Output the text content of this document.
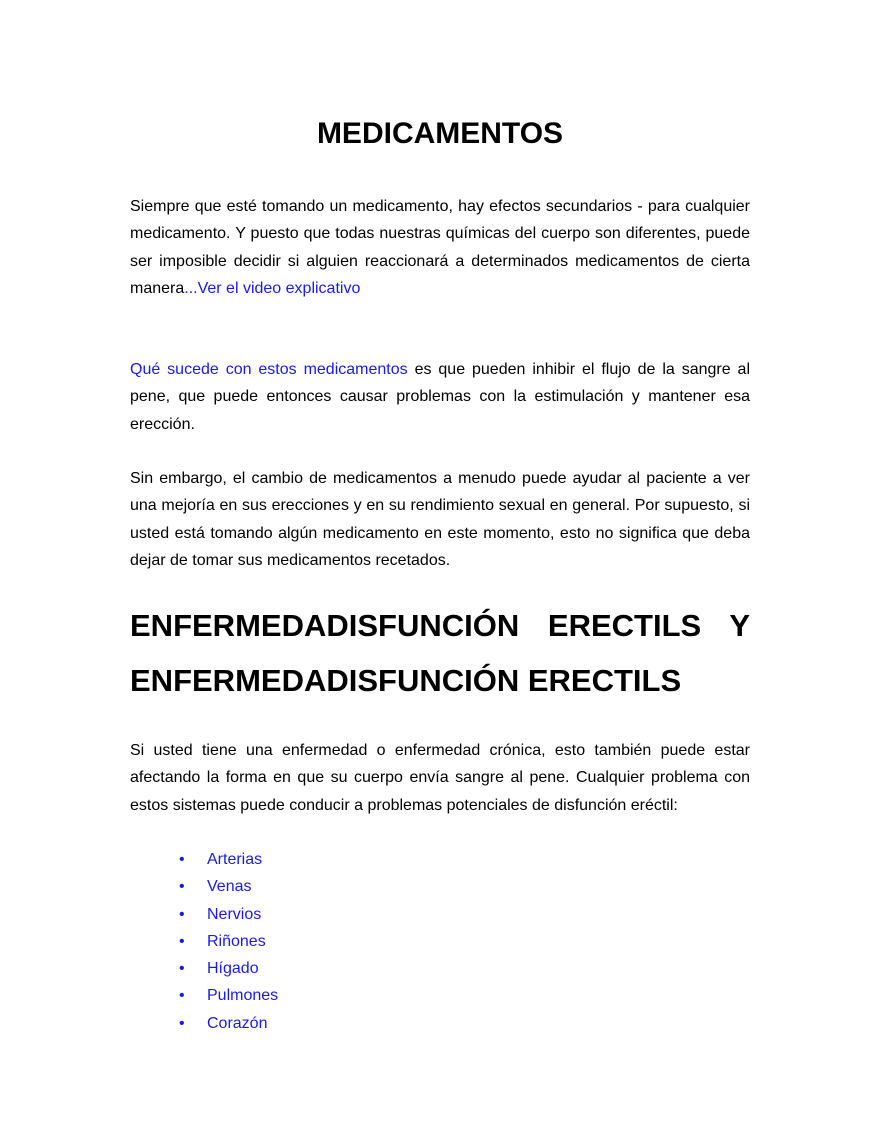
MEDICAMENTOS

Siempre que esté tomando un medicamento, hay efectos secundarios - para cualquier medicamento. Y puesto que todas nuestras químicas del cuerpo son diferentes, puede ser imposible decidir si alguien reaccionará a determinados medicamentos de cierta manera...Ver el video explicativo

Qué sucede con estos medicamentos es que pueden inhibir el flujo de la sangre al pene, que puede entonces causar problemas con la estimulación y mantener esa erección.

Sin embargo, el cambio de medicamentos a menudo puede ayudar al paciente a ver una mejoría en sus erecciones y en su rendimiento sexual en general. Por supuesto, si usted está tomando algún medicamento en este momento, esto no significa que deba dejar de tomar sus medicamentos recetados.

ENFERMEDADISFUNCIÓN ERECTILS Y
ENFERMEDADISFUNCIÓN ERECTILS

Si usted tiene una enfermedad o enfermedad crónica, esto también puede estar afectando la forma en que su cuerpo envía sangre al pene. Cualquier problema con estos sistemas puede conducir a problemas potenciales de disfunción eréctil:

• Arterias
• Venas
• Nervios
• Riñones
• Hígado
• Pulmones
• Corazón
